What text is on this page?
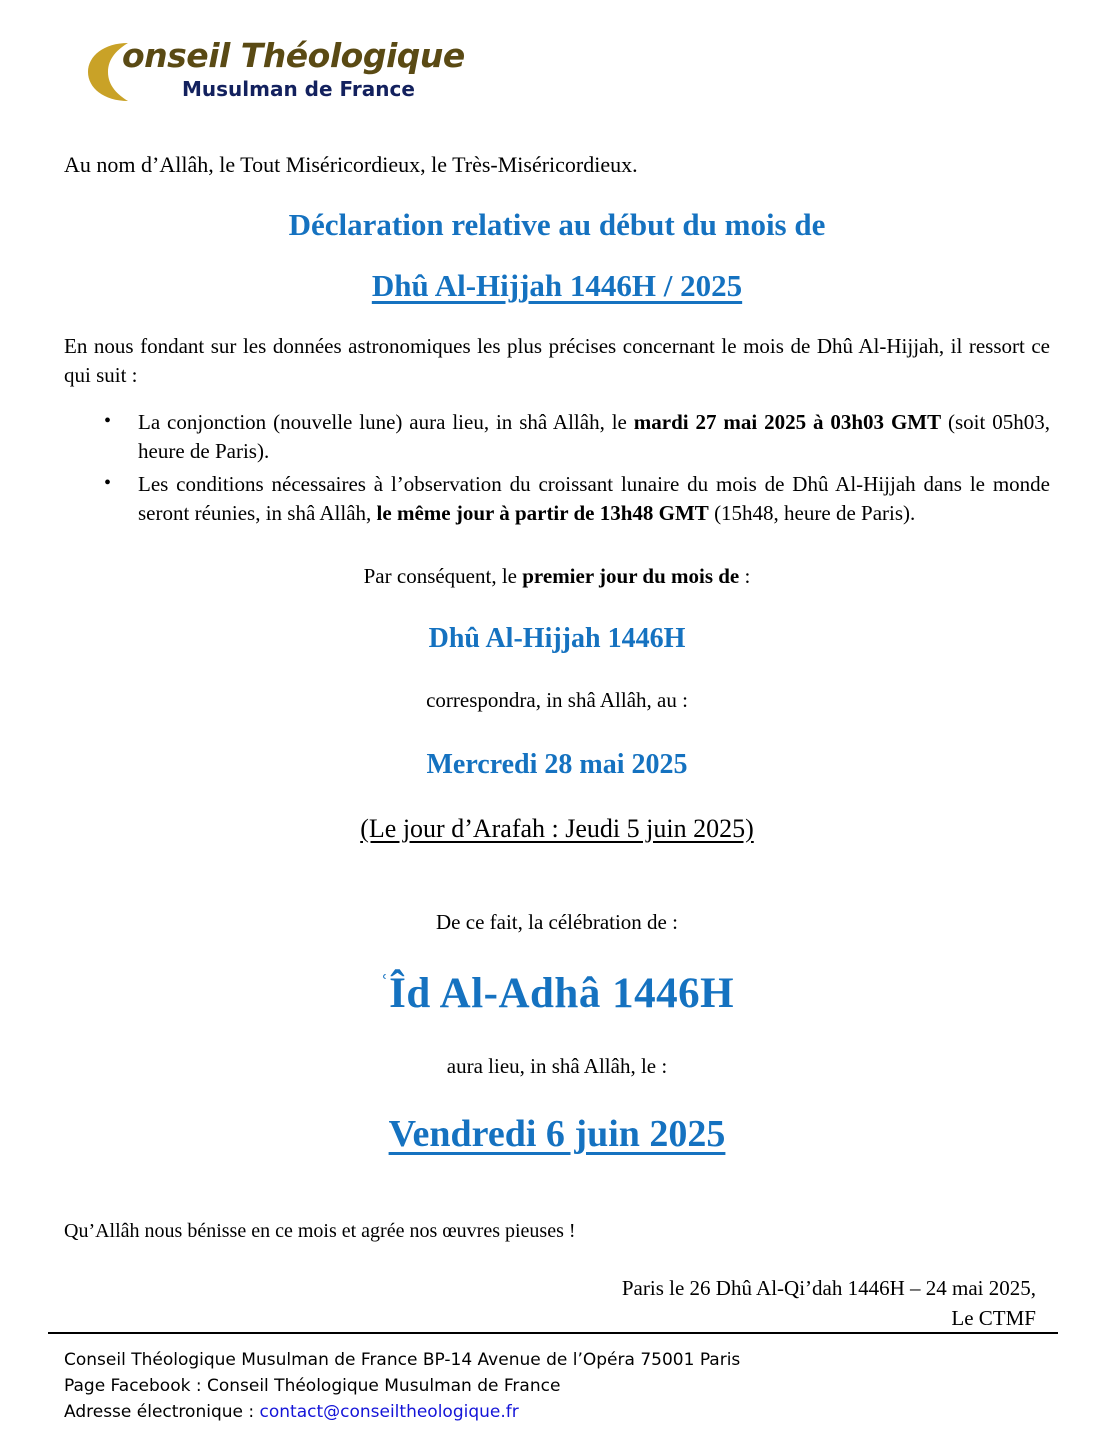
onseil Théologique
Musulman de France

Au nom d’Allâh, le Tout Miséricordieux, le Très-Miséricordieux.

Déclaration relative au début du mois de
Dhû Al-Hijjah 1446H / 2025

En nous fondant sur les données astronomiques les plus précises concernant le mois de Dhû Al-Hijjah, il ressort ce qui suit :

• La conjonction (nouvelle lune) aura lieu, in shâ Allâh, le mardi 27 mai 2025 à 03h03 GMT (soit 05h03, heure de Paris).
• Les conditions nécessaires à l’observation du croissant lunaire du mois de Dhû Al-Hijjah dans le monde seront réunies, in shâ Allâh, le même jour à partir de 13h48 GMT (15h48, heure de Paris).

Par conséquent, le premier jour du mois de :

Dhû Al-Hijjah 1446H

correspondra, in shâ Allâh, au :

Mercredi 28 mai 2025

(Le jour d’Arafah : Jeudi 5 juin 2025)

De ce fait, la célébration de :

$^ʿ$Îd Al-Adhâ 1446H

aura lieu, in shâ Allâh, le :

Vendredi 6 juin 2025

Qu’Allâh nous bénisse en ce mois et agrée nos œuvres pieuses !

Paris le 26 Dhû Al-Qi’dah 1446H – 24 mai 2025,
Le CTMF
Conseil Théologique Musulman de France BP-14 Avenue de l’Opéra 75001 Paris
Page Facebook : Conseil Théologique Musulman de France
Adresse électronique : contact@conseiltheologique.fr
